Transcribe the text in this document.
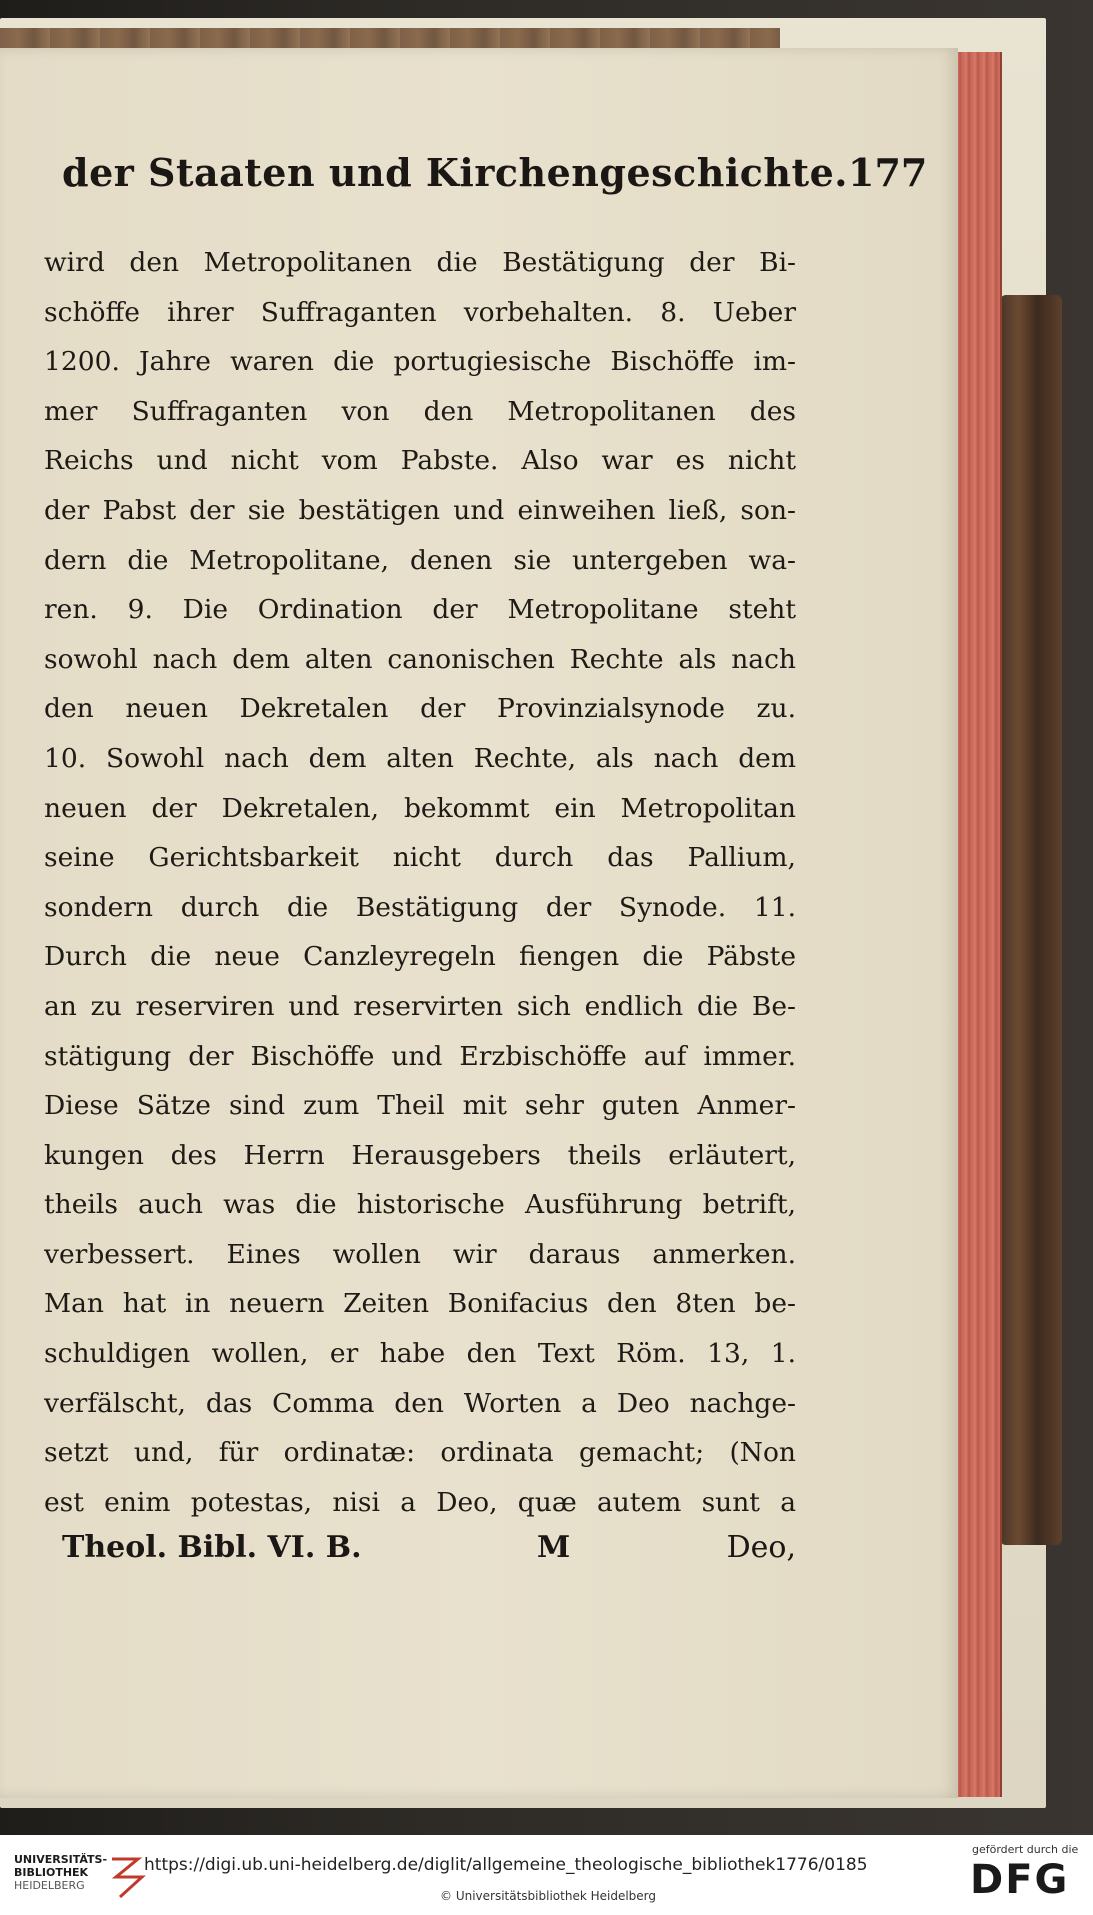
der Staaten und Kirchengeschichte. 177
wird den Metropolitanen die Bestätigung der Bi-
schöffe ihrer Suffraganten vorbehalten. 8. Ueber
1200. Jahre waren die portugiesische Bischöffe im-
mer Suffraganten von den Metropolitanen des
Reichs und nicht vom Pabste. Also war es nicht
der Pabst der sie bestätigen und einweihen ließ, son-
dern die Metropolitane, denen sie untergeben wa-
ren. 9. Die Ordination der Metropolitane steht
sowohl nach dem alten canonischen Rechte als nach
den neuen Dekretalen der Provinzialsynode zu.
10. Sowohl nach dem alten Rechte, als nach dem
neuen der Dekretalen, bekommt ein Metropolitan
seine Gerichtsbarkeit nicht durch das Pallium,
sondern durch die Bestätigung der Synode. 11.
Durch die neue Canzleyregeln fiengen die Päbste
an zu reserviren und reservirten sich endlich die Be-
stätigung der Bischöffe und Erzbischöffe auf immer.
Diese Sätze sind zum Theil mit sehr guten Anmer-
kungen des Herrn Herausgebers theils erläutert,
theils auch was die historische Ausführung betrift,
verbessert. Eines wollen wir daraus anmerken.
Man hat in neuern Zeiten Bonifacius den 8ten be-
schuldigen wollen, er habe den Text Röm. 13, 1.
verfälscht, das Comma den Worten a Deo nachge-
setzt und, für ordinatæ: ordinata gemacht; (Non
est enim potestas, nisi a Deo, quæ autem sunt a
Theol. Bibl. VI. B.	M	Deo,
UNIVERSITÄTS-
BIBLIOTHEK
HEIDELBERG
https://digi.ub.uni-heidelberg.de/diglit/allgemeine_theologische_bibliothek1776/0185
© Universitätsbibliothek Heidelberg
gefördert durch die
DFG
